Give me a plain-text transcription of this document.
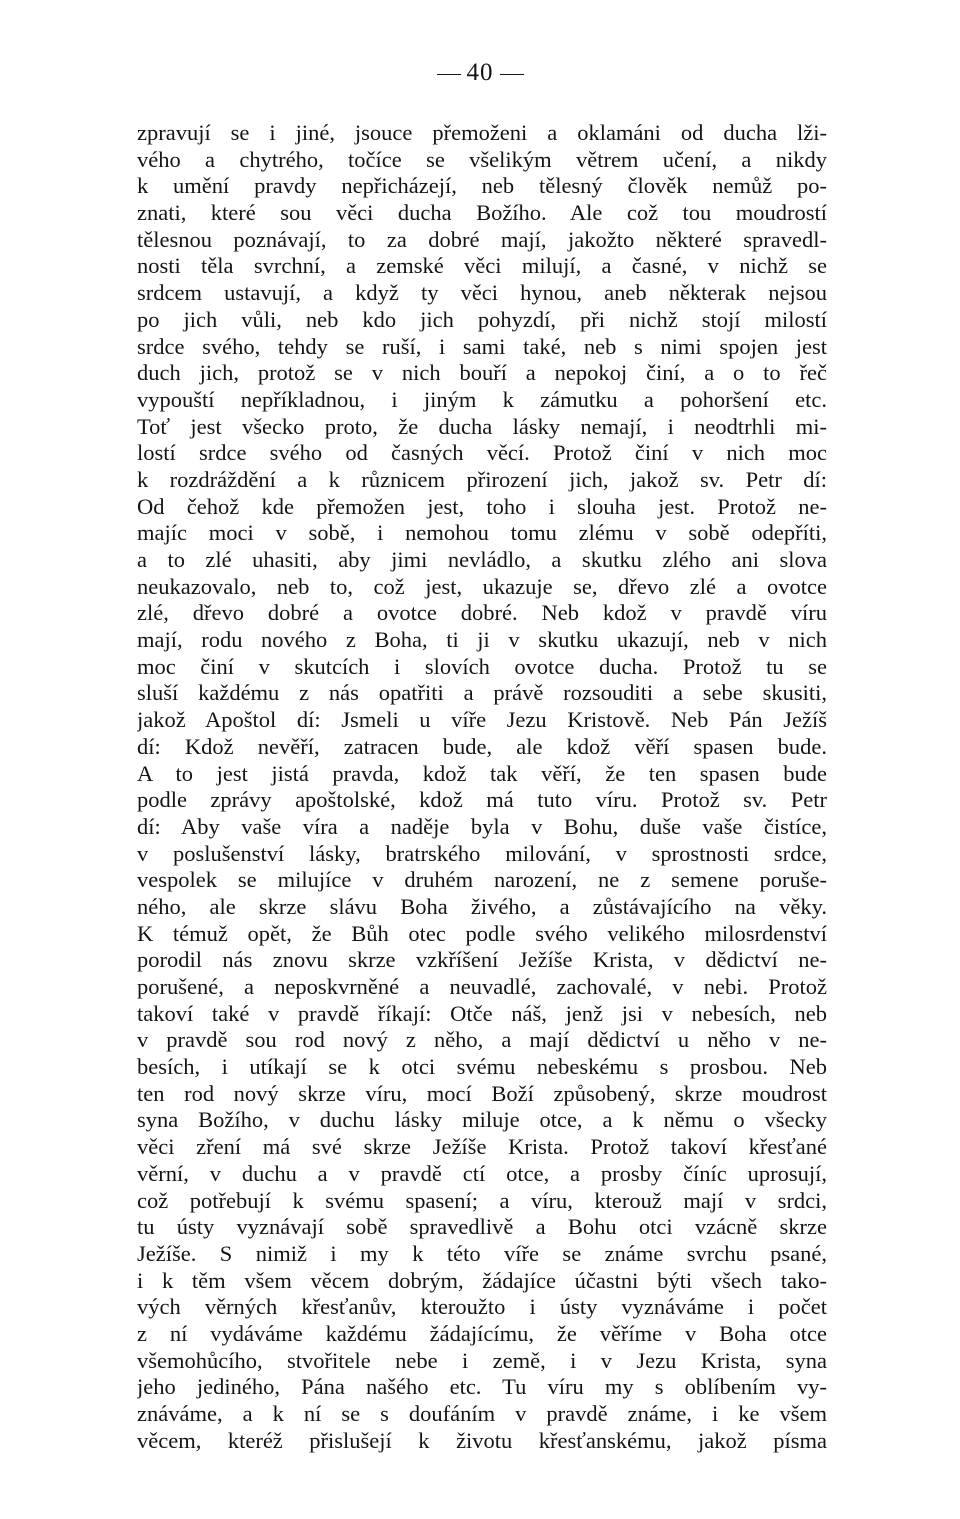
40
zpravují se i jiné, jsouce přemoženi a oklamáni od ducha lži-
vého a chytrého, točíce se všelikým větrem učení, a nikdy
k umění pravdy nepřicházejí, neb tělesný člověk nemůž po-
znati, které sou věci ducha Božího. Ale což tou moudrostí
tělesnou poznávají, to za dobré mají, jakožto některé spravedl-
nosti těla svrchní, a zemské věci milují, a časné, v nichž se
srdcem ustavují, a když ty věci hynou, aneb některak nejsou
po jich vůli, neb kdo jich pohyzdí, při nichž stojí milostí
srdce svého, tehdy se ruší, i sami také, neb s nimi spojen jest
duch jich, protož se v nich bouří a nepokoj činí, a o to řeč
vypouští nepříkladnou, i jiným k zámutku a pohoršení etc.
Toť jest všecko proto, že ducha lásky nemají, i neodtrhli mi-
lostí srdce svého od časných věcí. Protož činí v nich moc
k rozdráždění a k různicem přirození jich, jakož sv. Petr dí:
Od čehož kde přemožen jest, toho i slouha jest. Protož ne-
majíc moci v sobě, i nemohou tomu zlému v sobě odepříti,
a to zlé uhasiti, aby jimi nevládlo, a skutku zlého ani slova
neukazovalo, neb to, což jest, ukazuje se, dřevo zlé a ovotce
zlé, dřevo dobré a ovotce dobré. Neb kdož v pravdě víru
mají, rodu nového z Boha, ti ji v skutku ukazují, neb v nich
moc činí v skutcích i slovích ovotce ducha. Protož tu se
sluší každému z nás opatřiti a právě rozsouditi a sebe skusiti,
jakož Apoštol dí: Jsmeli u víře Jezu Kristově. Neb Pán Ježíš
dí: Kdož nevěří, zatracen bude, ale kdož věří spasen bude.
A to jest jistá pravda, kdož tak věří, že ten spasen bude
podle zprávy apoštolské, kdož má tuto víru. Protož sv. Petr
dí: Aby vaše víra a naděje byla v Bohu, duše vaše čistíce,
v poslušenství lásky, bratrského milování, v sprostnosti srdce,
vespolek se milujíce v druhém narození, ne z semene poruše-
ného, ale skrze slávu Boha živého, a zůstávajícího na věky.
K témuž opět, že Bůh otec podle svého velikého milosrdenství
porodil nás znovu skrze vzkříšení Ježíše Krista, v dědictví ne-
porušené, a neposkvrněné a neuvadlé, zachovalé, v nebi. Protož
takoví také v pravdě říkají: Otče náš, jenž jsi v nebesích, neb
v pravdě sou rod nový z něho, a mají dědictví u něho v ne-
besích, i utíkají se k otci svému nebeskému s prosbou. Neb
ten rod nový skrze víru, mocí Boží způsobený, skrze moudrost
syna Božího, v duchu lásky miluje otce, a k němu o všecky
věci zření má své skrze Ježíše Krista. Protož takoví křesťané
věrní, v duchu a v pravdě ctí otce, a prosby číníc uprosují,
což potřebují k svému spasení; a víru, kterouž mají v srdci,
tu ústy vyznávají sobě spravedlivě a Bohu otci vzácně skrze
Ježíše. S nimiž i my k této víře se známe svrchu psané,
i k těm všem věcem dobrým, žádajíce účastni býti všech tako-
vých věrných křesťanův, kteroužto i ústy vyznáváme i počet
z ní vydáváme každému žádajícímu, že věříme v Boha otce
všemohůcího, stvořitele nebe i země, i v Jezu Krista, syna
jeho jediného, Pána našého etc. Tu víru my s oblíbením vy-
znáváme, a k ní se s doufáním v pravdě známe, i ke všem
věcem, kteréž přislušejí k životu křesťanskému, jakož písma
